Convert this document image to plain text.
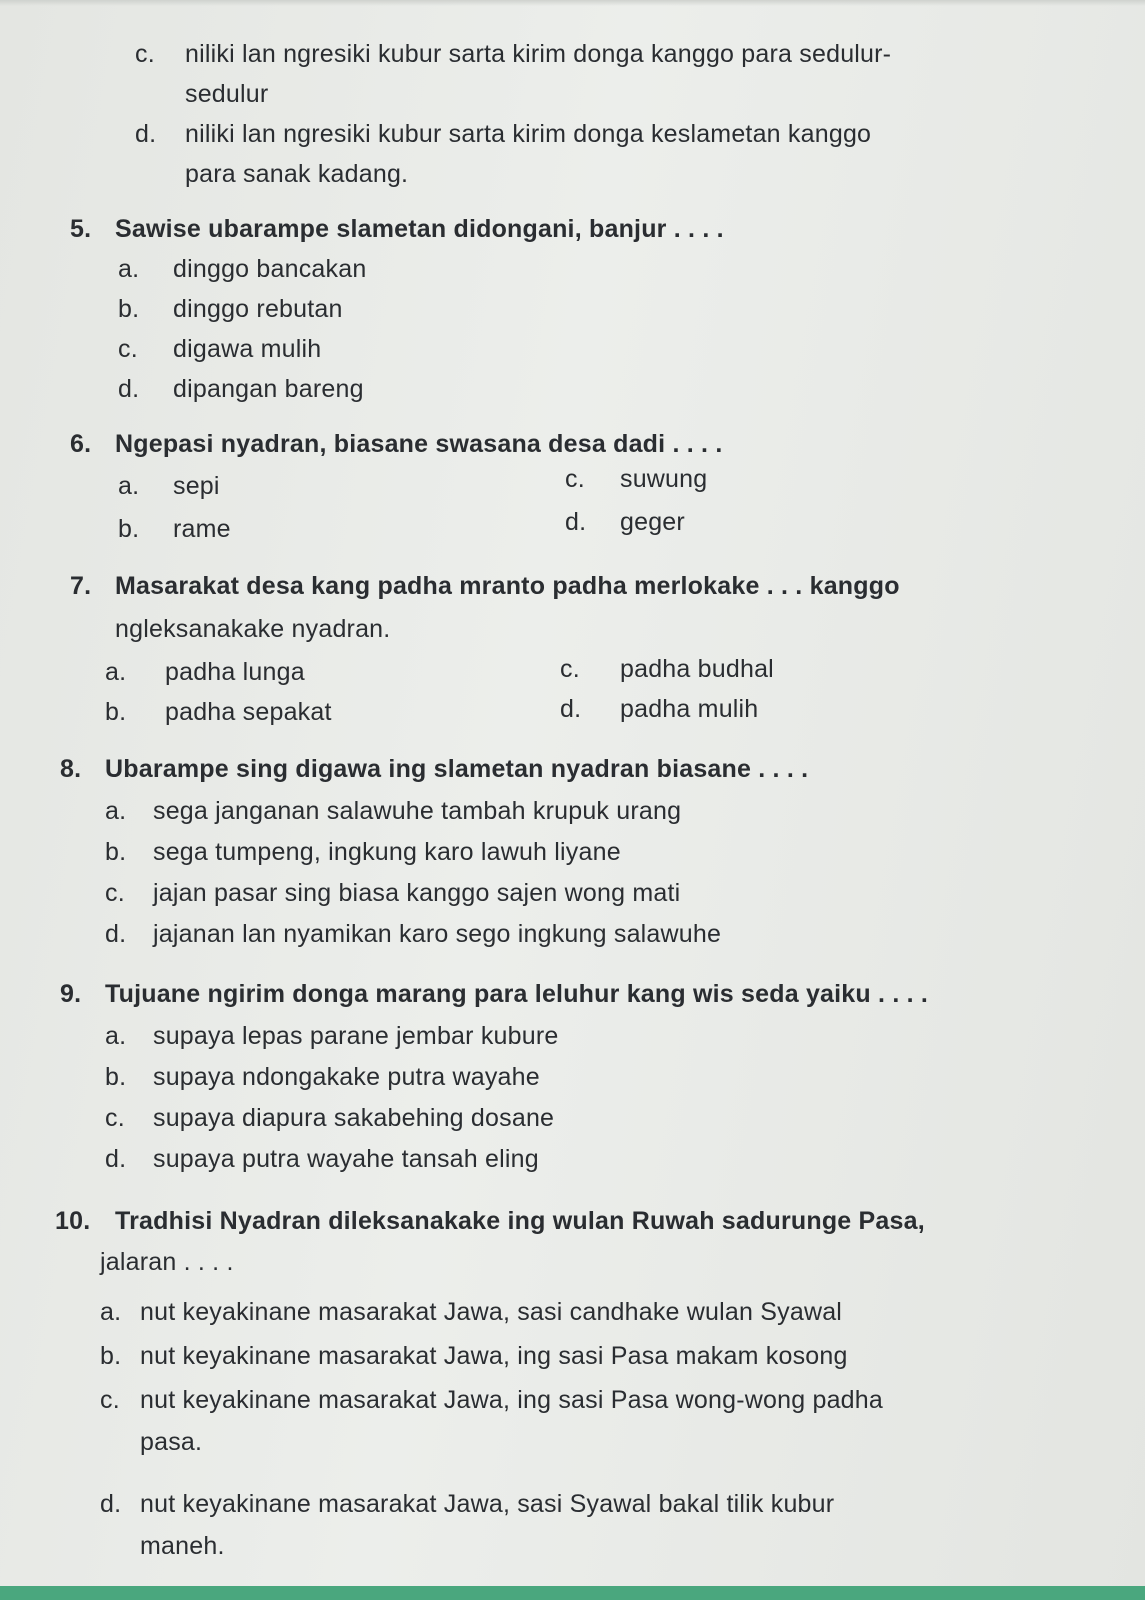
c. niliki lan ngresiki kubur sarta kirim donga kanggo para sedulur-
sedulur
d. niliki lan ngresiki kubur sarta kirim donga keslametan kanggo
para sanak kadang.
5. Sawise ubarampe slametan didongani, banjur . . . .
a. dinggo bancakan
b. dinggo rebutan
c. digawa mulih
d. dipangan bareng
6. Ngepasi nyadran, biasane swasana desa dadi . . . .
a. sepi	c. suwung
b. rame	d. geger
7. Masarakat desa kang padha mranto padha merlokake . . . kanggo
ngleksanakake nyadran.
a. padha lunga	c. padha budhal
b. padha sepakat	d. padha mulih
8. Ubarampe sing digawa ing slametan nyadran biasane . . . .
a. sega janganan salawuhe tambah krupuk urang
b. sega tumpeng, ingkung karo lawuh liyane
c. jajan pasar sing biasa kanggo sajen wong mati
d. jajanan lan nyamikan karo sego ingkung salawuhe
9. Tujuane ngirim donga marang para leluhur kang wis seda yaiku . . . .
a. supaya lepas parane jembar kubure
b. supaya ndongakake putra wayahe
c. supaya diapura sakabehing dosane
d. supaya putra wayahe tansah eling
10. Tradhisi Nyadran dileksanakake ing wulan Ruwah sadurunge Pasa,
jalaran . . . .
a. nut keyakinane masarakat Jawa, sasi candhake wulan Syawal
b. nut keyakinane masarakat Jawa, ing sasi Pasa makam kosong
c. nut keyakinane masarakat Jawa, ing sasi Pasa wong-wong padha
pasa.
d. nut keyakinane masarakat Jawa, sasi Syawal bakal tilik kubur
maneh.
